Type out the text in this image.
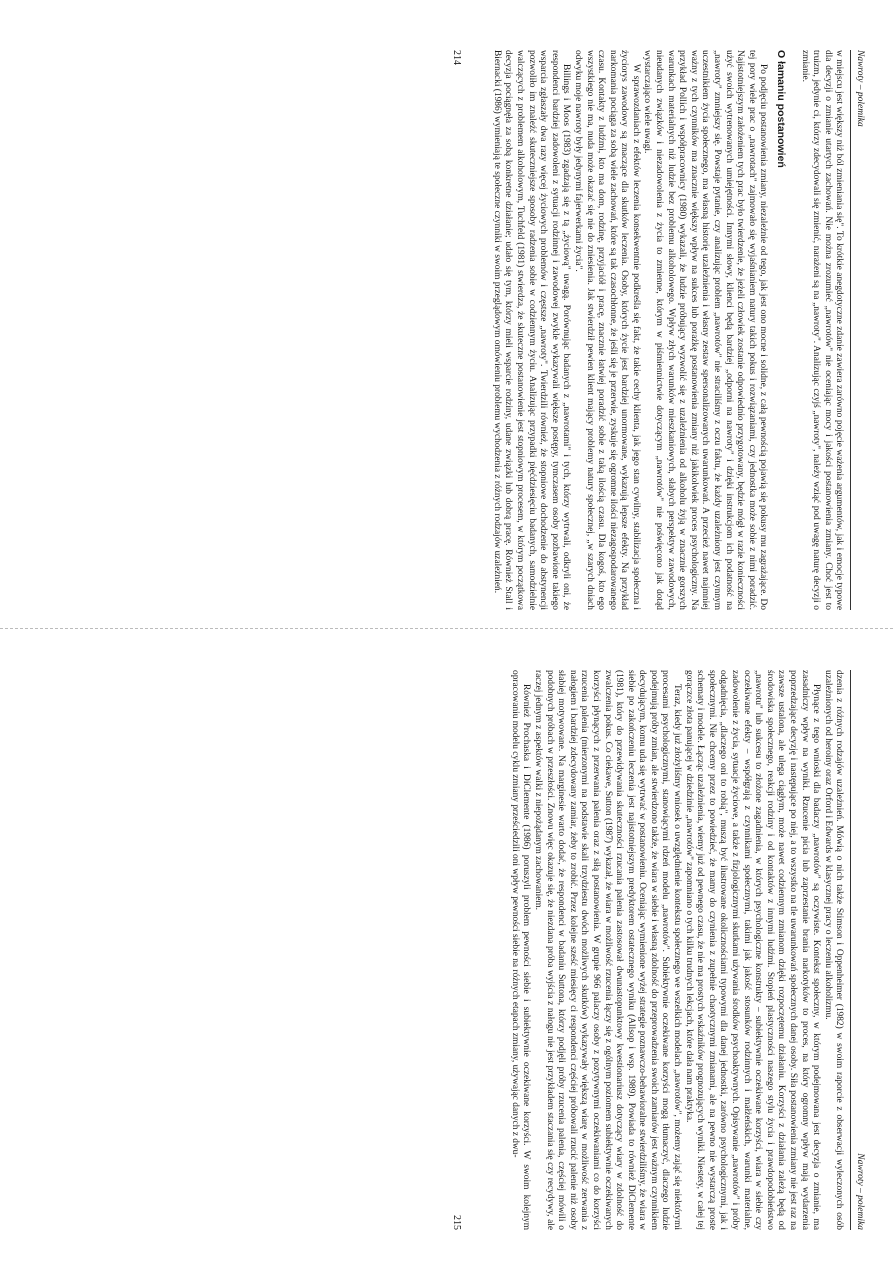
Nawroty – polemika

w miejscu jest większy niż ból zmieniania się". To krótkie anegdotyczne zdanie zawiera zarówno pojęcie ważenia argumentów, jak i emocje typowe dla decyzji o zmianie utartych zachowań. Nie można zrozumieć „nawrotów" nie oceniając mocy i jakości postanowienia zmiany. Choć jest to truizm, jedynie ci, którzy zdecydowali się zmienić, narażeni są na „nawroty". Analizując czyjś „nawroty", należy wziąć pod uwagę naturę decyzji o zmianie.

O łamaniu postanowień

Po podjęciu postanowienia zmiany, niezależnie od tego, jak jest ono mocne i solidne, z całą pewnością pojawią się pokusy mu zagrażające. Do tej pory wiele prac o „nawrotach" zajmowało się wyjaśnianiem natury takich pokus i rozwiązaniami, czy jednostka może sobie z nimi poradzić. Najistotniejszym założeniem tych prac było twierdzenie, że jeżeli człowiek zostanie odpowiednio przygotowany, będzie mógł w razie konieczności użyć swoich wytrenowanych umiejętności. Innymi słowy, klienci będą bardziej „odporni na nawroty" i dzięki instrukcjom ich podatność na „nawroty" zmniejszy się. Powstaje pytanie, czy analizując problem „nawrotów" nie straciliśmy z oczu faktu, że każdy uzależniony jest czynnym uczestnikiem życia społecznego, ma własną historię uzależnienia i własny zestaw spersonalizowanych uwarunkowań. A przecież nawet najmniej ważny z tych czynników ma znacznie większy wpływ na sukces lub porażkę postanowienia zmiany niż jakikolwiek proces psychologiczny. Na przykład Pollich i współpracownicy (1980) wykazali, że ludzie próbujący wyzwolić się z uzależnienia od alkoholu żyją w znacznie gorszych warunkach materialnych niż ludzie bez problemu alkoholowego. Wpływ złych warunków mieszkaniowych, słabych perspektyw zawodowych, nieudanych związków i niezadowolenia z życia to zmienne, którym w piśmiennictwie dotyczącym „nawrotów" nie poświęcono jak dotąd wystarczająco wiele uwagi.

W sprawozdaniach z efektów leczenia konsekwentnie podkreśla się fakt, że takie cechy klienta, jak jego stan cywilny, stabilizacja społeczna i życiorys zawodowy są znaczące dla skutków leczenia. Osoby, których życie jest bardziej unormowane, wykazują lepsze efekty. Na przykład narkomania pociąga za sobą wiele zachowań, które są tak czasochłonne, że jeśli się je przerwie, zyskuje się ogromne ilości niezagospodarowanego czasu. Kontakty z ludźmi, kto ma dom, rodzinę, przyjaciół i pracę, znacznie łatwiej poradzić sobie z taką ilością czasu. Dla kogoś, kto ego wszystkiego nie ma, nuda może okazać się nie do zniesienia. Jak stwierdził pewien klient mający problemy natury społecznej, „w szarych dniach odwyku moje nawroty były jedynymi fajerwerkami życia".

Billings i Moos (1983) zgadzają się z tą „życiową" uwagą. Porównując badanych z „nawrotami" i tych, którzy wytrwali, odkryli oni, że respondenci bardziej zadowoleni z sytuacji rodzinnej i zawodowej zwykle wykazywali większe postępy, tymczasem osoby pozbawione takiego wsparcia zgłaszały dwa razy więcej życiowych problemów i częstsze „nawroty". Twierdzili również, że stopniowe dochodzenie do abstynencji pozwoliło im znaleźć skuteczniejsze sposoby radzenia sobie w codziennym życiu. Analizując przypadki pięćdziesięciu badanych, samodzielnie walczących z problemem alkoholowym, Tuchfeld (1981) stwierdza, że skuteczne postanowienie jest stopniowym procesem, w którym początkowa decyzja pociągnęła za sobą konkretne działanie; udało się tym, którzy mieli wsparcie rodziny, udane związki lub dobrą pracę. Również Stall i Biernacki (1986) wymieniają te społeczne czynniki w swoim przeglądowym omówieniu problemu wychodzenia z różnych rodzajów uzależnień.

214
Nawroty – polemika

dzenia z różnych rodzajów uzależnień. Mówią o nich także Stimson i Oppenheimer (1982) w swoim raporcie z obserwacji wyleczonych osób uzależnionych od heroiny oraz Orford i Edwards w klasycznej pracy o leczeniu alkoholizmu.

Płynące z tego wnioski dla badaczy „nawrotów" są oczywiste. Kontekst społeczny, w którym podejmowana jest decyzja o zmianie, ma zasadniczy wpływ na wyniki. Rzucenie picia lub zaprzestanie brania narkotyków to proces, na który ogromny wpływ mają wydarzenia poprzedzające decyzję i następujące po niej, a to wszystko na tle uwarunkowań społecznych danej osoby. Siła postanowienia zmiany nie jest raz na zawsze ustalona, ale ulega ciągłym, może nawet codziennym zmianom dzięki rozpoczętemu działaniu. Korzyści z działania zależą będą od środowiska społecznego, reakcji rodziny i od kontaktów z innymi ludźmi. Stopień plastyczności naszego stylu życia i prawdopodobieństwo „nawrotu" lub sukcesu to złożone zagadnienia, w których psychologiczne konstrukty – subiektywnie oczekiwane korzyści, wiara w siebie czy oczekiwane efekty – współgrają z czynnikami społecznymi, takimi jak jakość stosunków rodzinnych i małżeńskich, warunki materialne, zadowolenie z życia, sytuacje życiowe, a także z fizjologicznymi skutkami używania środków psychoaktywnych. Opisywanie „nawrotów" i próby odgadnięcia, „dlaczego oni to robią", muszą być ilustrowane okolicznościami typowymi dla danej jednostki, zarówno psychologicznymi, jak i społecznymi. Nie chcemy przez to powiedzieć, że mamy do czynienia z zupełnie chaotycznymi zmianami, ale na pewno nie wystarczą proste schematy i modele. Łącząc uzależnienia, wiemy już od pewnego czasu, że nie ma prostych wskaźników prognozujących wyniki. Niestety, w całej tej gorączce złota panującej w dziedzinie „nawrotów" zapomniano o tych kilku trudnych lekcjach, które dała nam praktyka.

Teraz, kiedy już złożyliśmy wniosek o uwzględnienie kontekstu społecznego we wszelkich modelach „nawrotów", możemy zająć się niektórymi procesami psychologicznymi, stanowiącymi rdzeń modelu „nawrotów". Subiektywnie oczekiwane korzyści mogą tłumaczyć, dlaczego ludzie podejmują próby zmian, ale stwierdzono także, że wiara w siebie i własną zdolność do przeprowadzenia swoich zamiarów jest ważnym czynnikiem decydującym, komu uda się wytrwać w postanowieniu. Oceniając wymienione wyżej strategie poznawczo-behawioralne stwierdziliśmy, że wiara w siebie po zakończeniu leczenia jest najistotniejszym predyktorem ostatecznego wyniku (Allsop i wsp. 1989). Powiada to również DiClemente (1981), który do przewidywania skuteczności rzucania palenia zastosował dwunastopunktowy kwestionariusz dotyczący wiary w zdolność do zwalczenia pokus. Co ciekawe, Sutton (1987) wykazał, że wiara w możliwość rzucenia łączy się z ogólnym poziomem subiektywnie oczekiwanych korzyści płynących z przerwania palenia oraz z siłą postanowienia. W grupie 966 palaczy osoby z pozytywnymi oczekiwaniami co do korzyści rzucenia palenia (mierzonymi na podstawie skali trzydziestu dwóch możliwych skutków) wykazywały większą wiarę w możliwość zerwania z nałogiem i bardziej zdecydowany zamiar, żeby to zrobić. Przez kolejne sześć miesięcy ci respondenci częściej próbowali rzucić palenie niż osoby słabiej motywowane. Na marginesie warto dodać, że respondenci w badaniu Suttona, którzy podjęli próby rzucenia palenia, częściej mówili o podobnych próbach w przeszłości. Znowu więc okazuje się, że niezdana próba wyjścia z nałogu nie jest przykładem staczania się czy recydywy, ale raczej jednym z aspektów walki z niepożądanym zachowaniem.

Również Prochaska i DiClemente (1986) poruszyli problem pewności siebie i subiektywnie oczekiwane korzyści. W swoim kolejnym opracowaniu modelu cyklu zmiany prześciedzili oni wpływ pewności siebie na różnych etapach zmiany, używając danych z dwu-

215
